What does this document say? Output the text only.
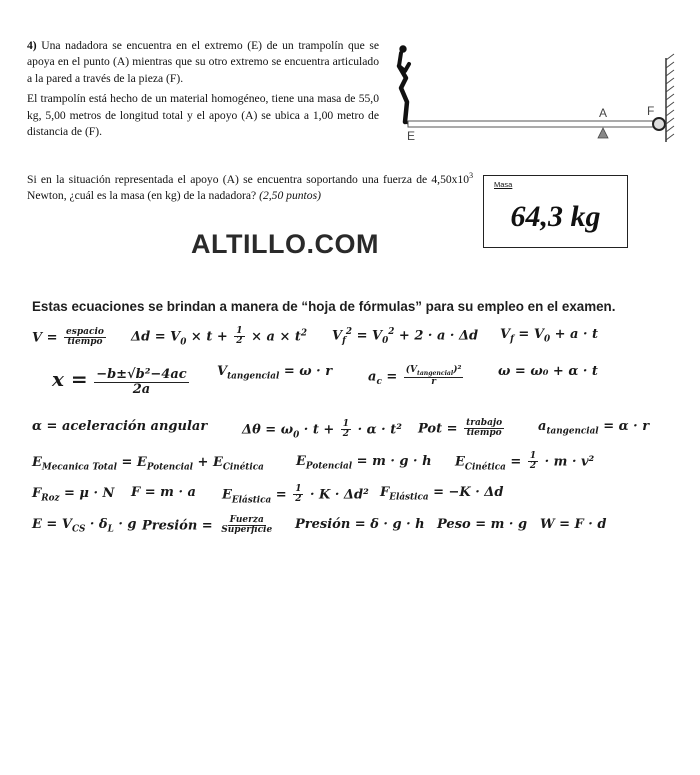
4) Una nadadora se encuentra en el extremo (E) de un trampolín que se apoya en el punto (A) mientras que su otro extremo se encuentra articulado a la pared a través de la pieza (F).

El trampolín está hecho de un material homogéneo, tiene una masa de 55,0 kg, 5,00 metros de longitud total y el apoyo (A) se ubica a 1,00 metro de distancia de (F).

Si en la situación representada el apoyo (A) se encuentra soportando una fuerza de $4,50x10^3$ Newton, ¿cuál es la masa (en kg) de la nadadora? (2,50 puntos)
A	F
E
Masa
64,3 kg
ALTILLO.COM
Estas ecuaciones se brindan a manera de “hoja de fórmulas” para su empleo en el examen.
$V = \frac{\text{espacio}}{\text{tiempo}}$ $\Delta d = V_0 \times t + \frac{1}{2} \times a \times t^2$ $V_f^2 = V_0^2 + 2 \cdot a \cdot \Delta d$ $V_f = V_0 + a \cdot t$
$x = \frac{\text{−b±√b²−4ac}}{2a} V_{tangencial} = \omega \cdot r$	$a_c = \frac{(V_{tangencial})^2}{r}$	ω = ω₀ + α · t
α = aceleración angular	$\Delta\theta = \omega_0 \cdot t + \frac{1}{2} \cdot \alpha \cdot t^2$ Pot = $\frac{\text{trabajo}}{\text{tiempo}}$	$a_{tangencial} = \alpha \cdot r$
$E_{Mecanica Total} = E_{Potencial} + E_{Cinética}$ $E_{Potencial} = m \cdot g \cdot h$ $E_{Cinética} = \frac{1}{2} \cdot m \cdot v^2$
$F_{Roz} = \mu \cdot N$ F = m · a $E_{Elástica} = \frac{1}{2} \cdot K \cdot \Delta d^2$ $F_{Elástica} = -K \cdot \Delta d$
$E = V_{CS} \cdot \delta_L \cdot g$ Presión = $\frac{\text{Fuerza}}{\text{Superficie}}$ Presión = δ · g · h Peso = m · g W = F · d
